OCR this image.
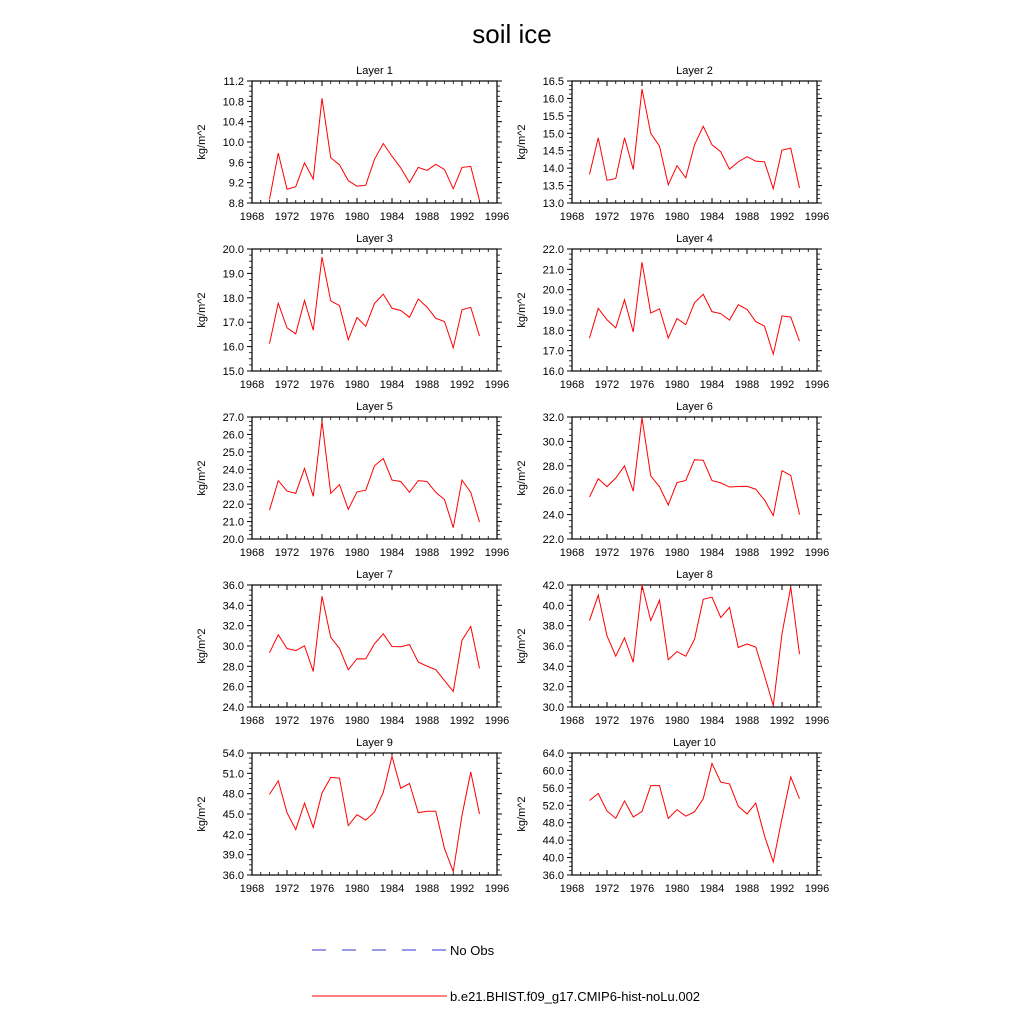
soil ice
Layer 1
kg/m^2
1968 1972 1976 1980 1984 1988 1992 1996
8.8
9.2
9.6
10.0
10.4
10.8
11.2
Layer 2
kg/m^2
1968 1972 1976 1980 1984 1988 1992 1996
13.0
13.5
14.0
14.5
15.0
15.5
16.0
16.5
Layer 3
kg/m^2
1968 1972 1976 1980 1984 1988 1992 1996
15.0
16.0
17.0
18.0
19.0
20.0
Layer 4
kg/m^2
1968 1972 1976 1980 1984 1988 1992 1996
16.0
17.0
18.0
19.0
20.0
21.0
22.0
Layer 5
kg/m^2
1968 1972 1976 1980 1984 1988 1992 1996
20.0
21.0
22.0
23.0
24.0
25.0
26.0
27.0
Layer 6
kg/m^2
1968 1972 1976 1980 1984 1988 1992 1996
22.0
24.0
26.0
28.0
30.0
32.0
Layer 7
kg/m^2
1968 1972 1976 1980 1984 1988 1992 1996
24.0
26.0
28.0
30.0
32.0
34.0
36.0
Layer 8
kg/m^2
1968 1972 1976 1980 1984 1988 1992 1996
30.0
32.0
34.0
36.0
38.0
40.0
42.0
Layer 9
kg/m^2
1968 1972 1976 1980 1984 1988 1992 1996
36.0
39.0
42.0
45.0
48.0
51.0
54.0
Layer 10
kg/m^2
1968 1972 1976 1980 1984 1988 1992 1996
36.0
40.0
44.0
48.0
52.0
56.0
60.0
64.0
No Obs
b.e21.BHIST.f09_g17.CMIP6-hist-noLu.002
